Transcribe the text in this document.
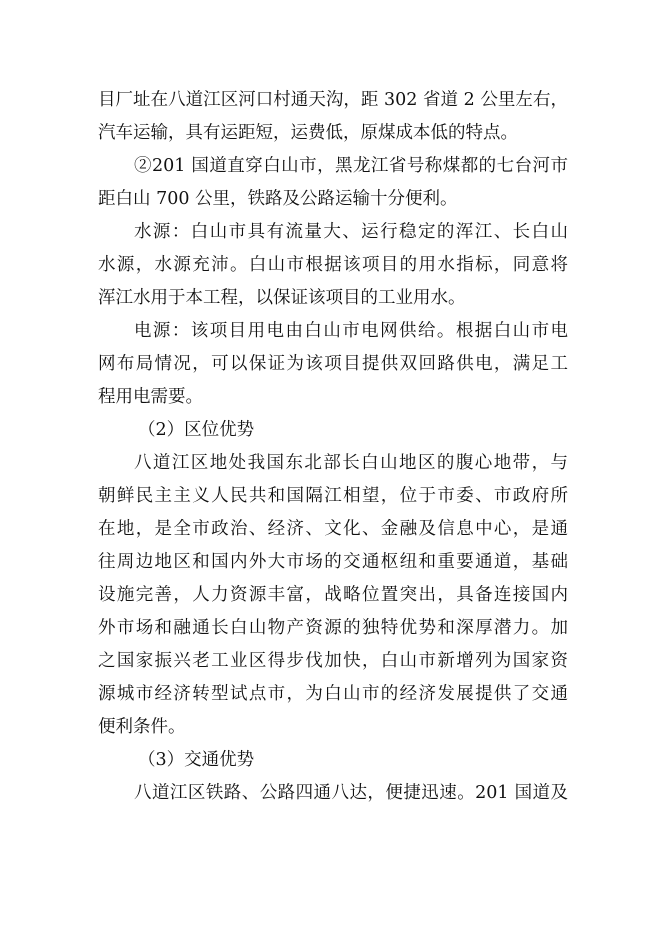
目厂址在八道江区河口村通天沟，距 302 省道 2 公里左右，
汽车运输，具有运距短，运费低，原煤成本低的特点。
②201 国道直穿白山市，黑龙江省号称煤都的七台河市
距白山 700 公里，铁路及公路运输十分便利。
水源：白山市具有流量大、运行稳定的浑江、长白山
水源，水源充沛。白山市根据该项目的用水指标，同意将
浑江水用于本工程，以保证该项目的工业用水。
电源：该项目用电由白山市电网供给。根据白山市电
网布局情况，可以保证为该项目提供双回路供电，满足工
程用电需要。
（2）区位优势
八道江区地处我国东北部长白山地区的腹心地带，与
朝鲜民主主义人民共和国隔江相望，位于市委、市政府所
在地，是全市政治、经济、文化、金融及信息中心，是通
往周边地区和国内外大市场的交通枢纽和重要通道，基础
设施完善，人力资源丰富，战略位置突出，具备连接国内
外市场和融通长白山物产资源的独特优势和深厚潜力。加
之国家振兴老工业区得步伐加快，白山市新增列为国家资
源城市经济转型试点市，为白山市的经济发展提供了交通
便利条件。
（3）交通优势
八道江区铁路、公路四通八达，便捷迅速。201 国道及
